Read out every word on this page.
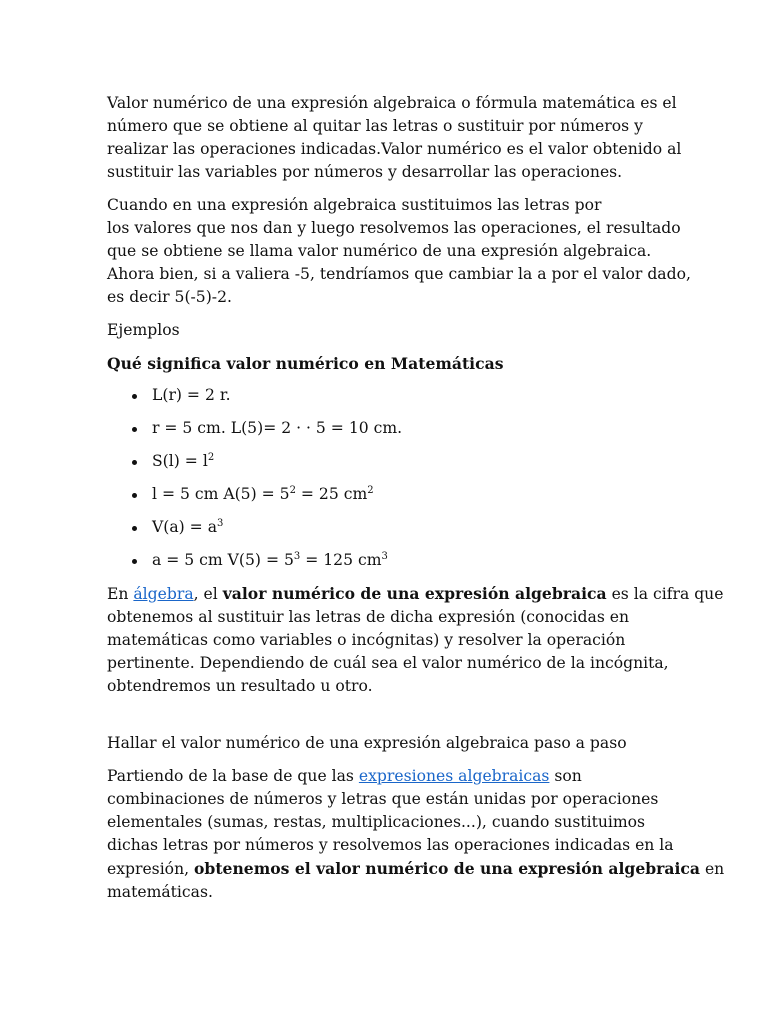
Valor numérico de una expresión algebraica o fórmula matemática es el
número que se obtiene al quitar las letras o sustituir por números y
realizar las operaciones indicadas.Valor numérico es el valor obtenido al
sustituir las variables por números y desarrollar las operaciones.

Cuando en una expresión algebraica sustituimos las letras por
los valores que nos dan y luego resolvemos las operaciones, el resultado
que se obtiene se llama valor numérico de una expresión algebraica.
Ahora bien, si a valiera -5, tendríamos que cambiar la a por el valor dado,
es decir 5(-5)-2.

Ejemplos

Qué significa valor numérico en Matemáticas

L(r) = 2 r.
r = 5 cm. L(5)= 2 · · 5 = 10 cm.
$S(l) = l^2$
l = 5 cm $A(5) = 5^2 = 25$ $cm^2$
$V(a) = a^3$
a = 5 cm $V(5) = 5^3 = 125$ $cm^3$

En álgebra, el valor numérico de una expresión algebraica es la cifra que
obtenemos al sustituir las letras de dicha expresión (conocidas en
matemáticas como variables o incógnitas) y resolver la operación
pertinente. Dependiendo de cuál sea el valor numérico de la incógnita,
obtendremos un resultado u otro.

Hallar el valor numérico de una expresión algebraica paso a paso

Partiendo de la base de que las expresiones algebraicas son
combinaciones de números y letras que están unidas por operaciones
elementales (sumas, restas, multiplicaciones...), cuando sustituimos
dichas letras por números y resolvemos las operaciones indicadas en la
expresión, obtenemos el valor numérico de una expresión algebraica en
matemáticas.
